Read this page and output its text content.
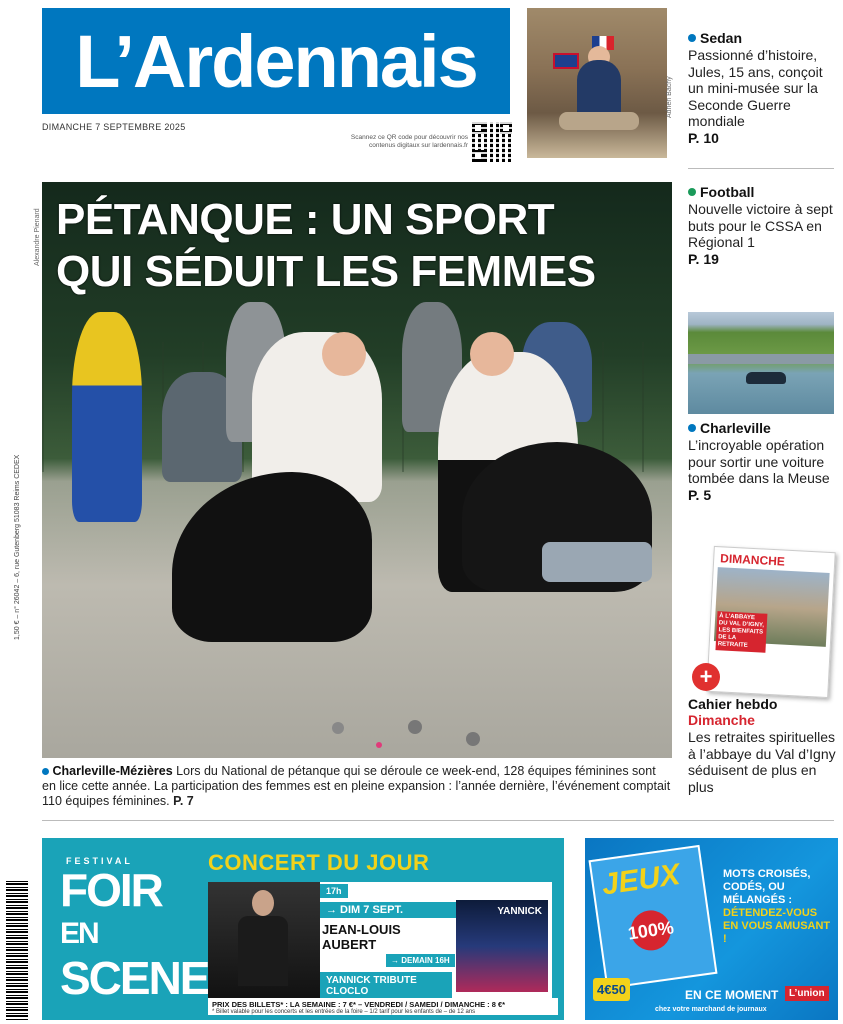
L’Ardennais
DIMANCHE 7 SEPTEMBRE 2025
Scannez ce QR code pour découvrir nos contenus digitaux sur lardennais.fr
Adrien Bachy
Sedan
Passionné d’histoire, Jules, 15 ans, conçoit un mini-musée sur la Seconde Guerre mondiale
P. 10
Football
Nouvelle victoire à sept buts pour le CSSA en Régional 1
P. 19
Charleville
L’incroyable opération pour sortir une voiture tombée dans la Meuse
P. 5
DIMANCHE
À L’ABBAYE DU VAL D’IGNY, LES BIENFAITS DE LA RETRAITE
+
Cahier hebdo
Dimanche
Les retraites spirituelles à l’abbaye du Val d’Igny séduisent de plus en plus
PÉTANQUE : UN SPORT
QUI SÉDUIT LES FEMMES
Alexandre Pienard
Charleville-Mézières Lors du National de pétanque qui se déroule ce week-end, 128 équipes féminines sont en lice cette année. La participation des femmes est en pleine expansion : l’année dernière, l’événement comptait 110 équipes féminines. P. 7
FESTIVAL
FOIR
EN
SCENE
CONCERT DU JOUR
17h
→ DIM 7 SEPT.
JEAN-LOUIS AUBERT
→ DEMAIN 16H
YANNICK TRIBUTE CLOCLO
YANNICK
PRIX DES BILLETS* : LA SEMAINE : 7 €* – VENDREDI / SAMEDI / DIMANCHE : 8 €*
* Billet valable pour les concerts et les entrées de la foire – 1/2 tarif pour les enfants de – de 12 ans
JEUX
100%
MOTS CROISÉS, CODÉS, OU MÉLANGÉS :
DÉTENDEZ-VOUS EN VOUS AMUSANT !
4€50	EN CE MOMENT	L’union
chez votre marchand de journaux
1,50 € – n° 26042 – 6, rue Gutenberg 51083 Reims CEDEX
